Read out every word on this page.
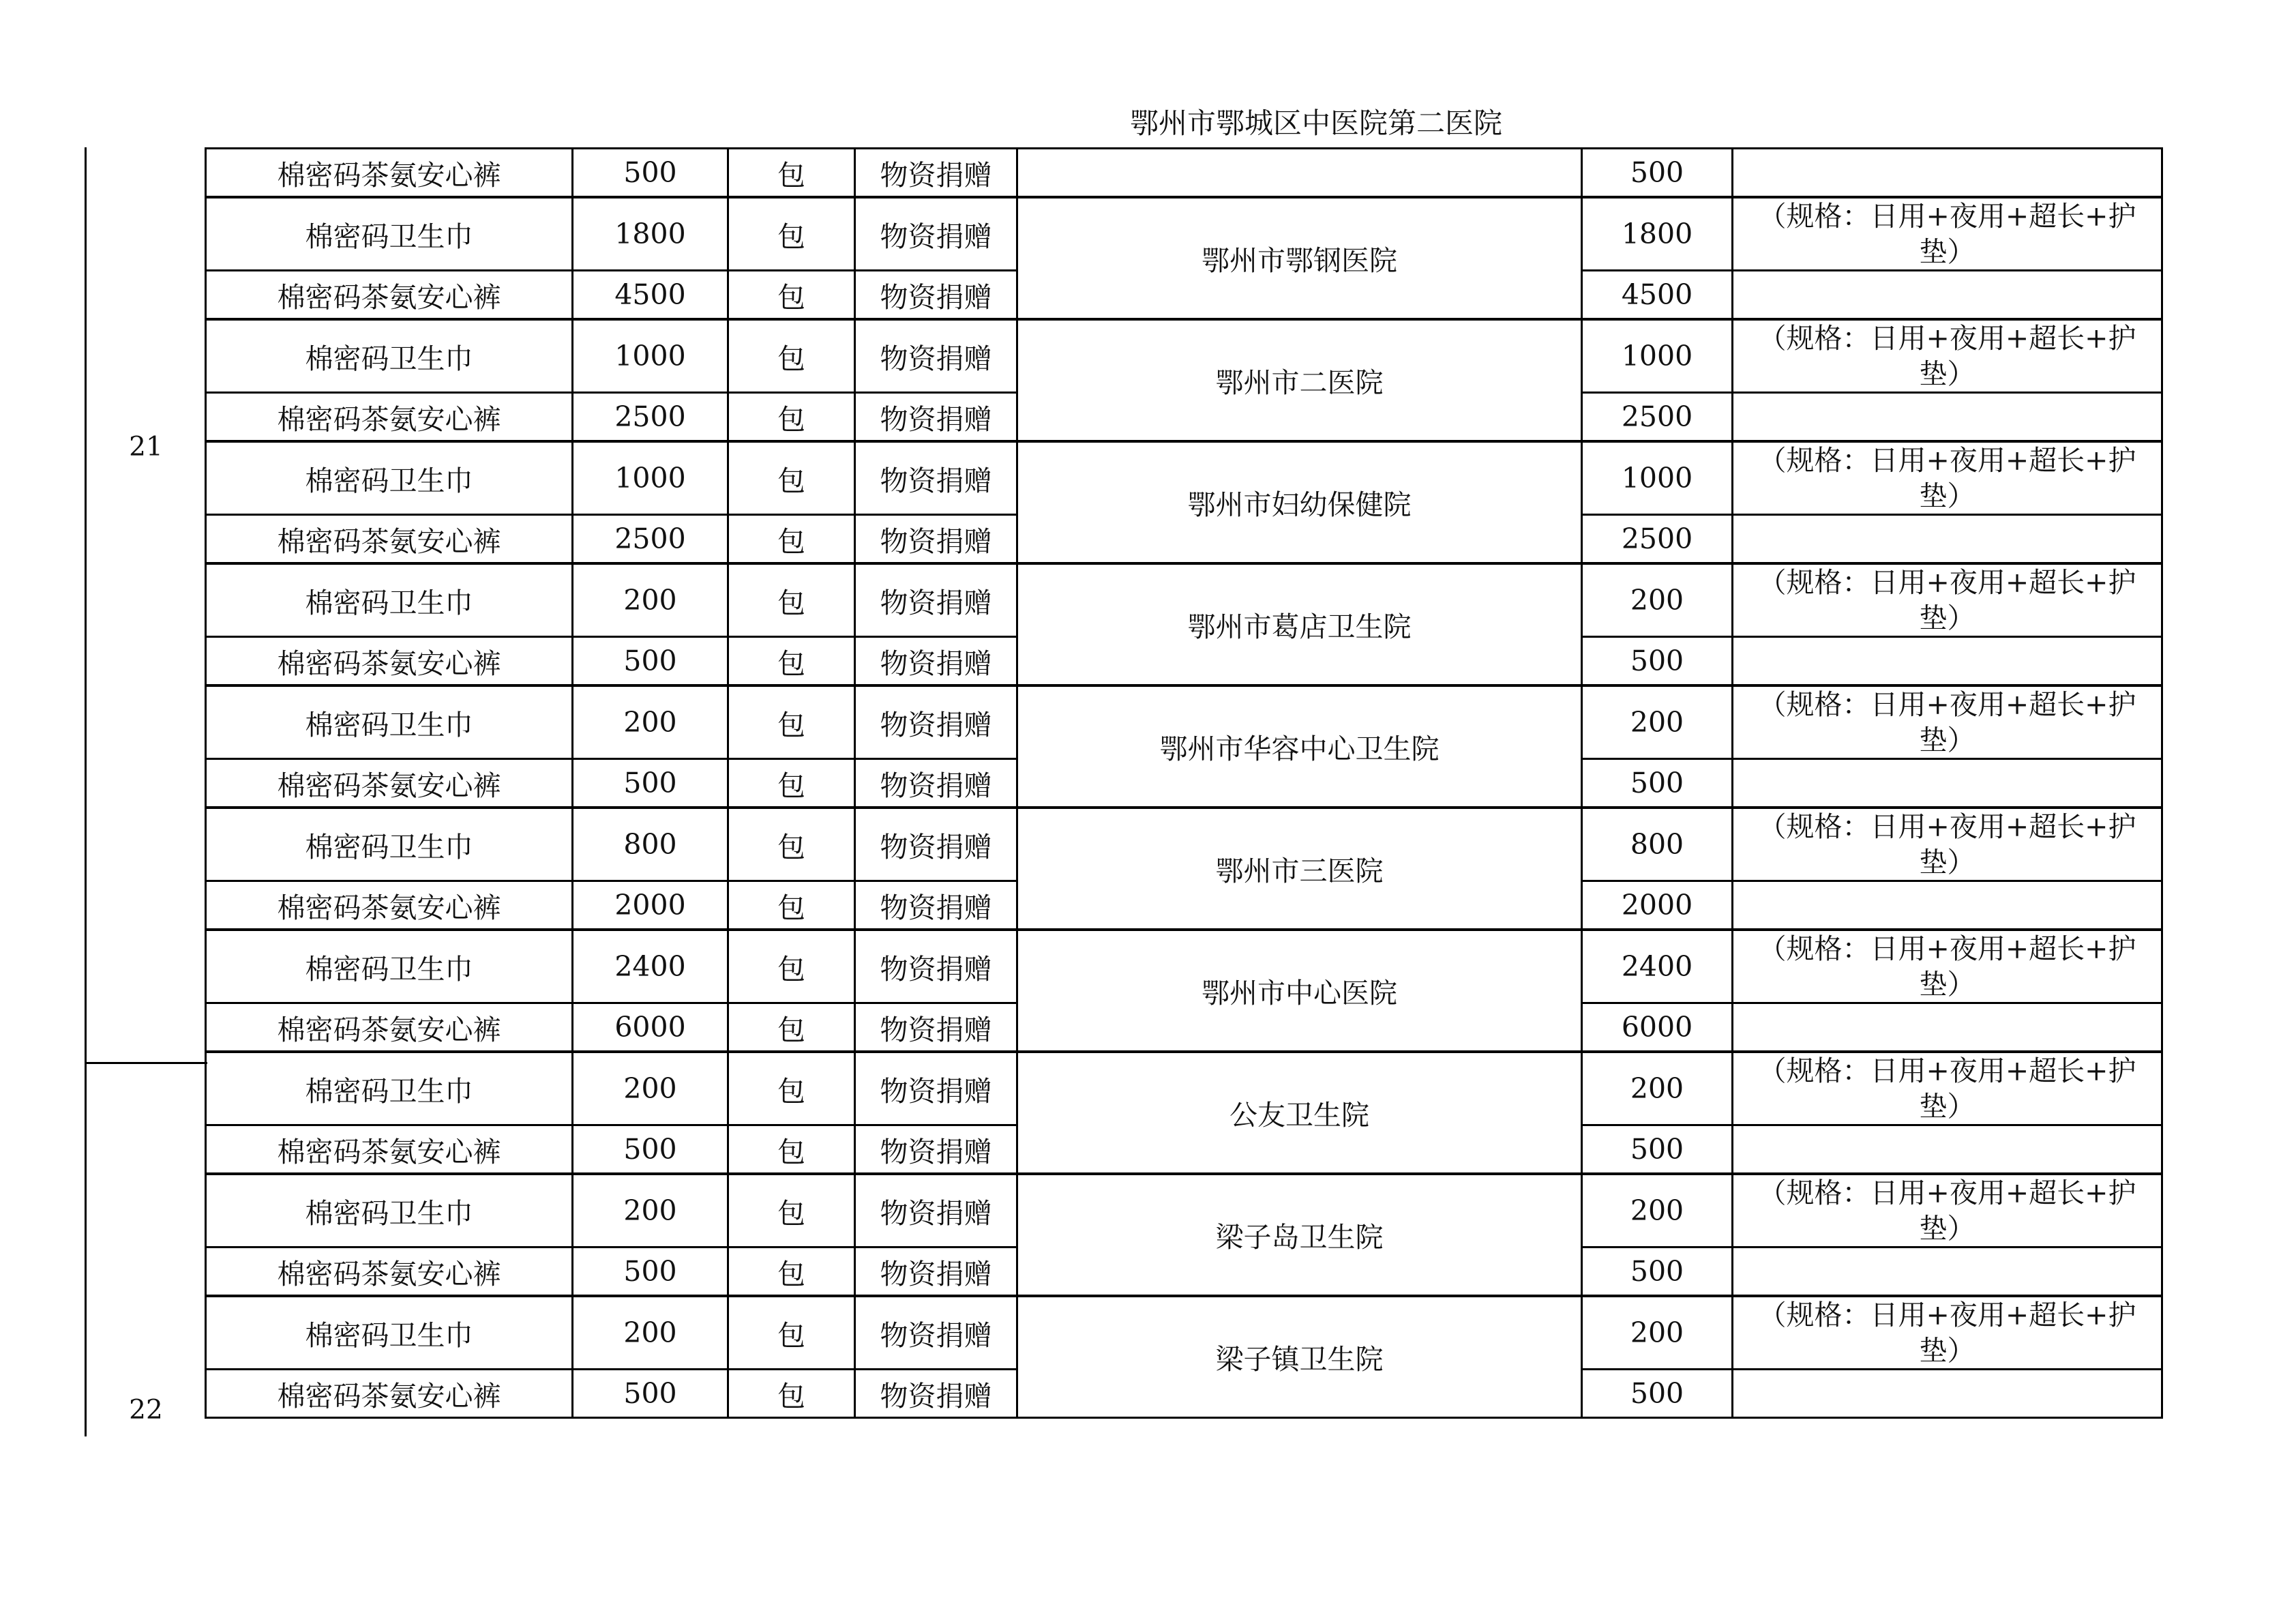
鄂州市鄂城区中医院第二医院
21
22
棉密码茶氨安心裤	500	包	物资捐赠		500	
棉密码卫生巾	1800	包	物资捐赠	鄂州市鄂钢医院	1800	（规格：日用+夜用+超长+护垫）
棉密码茶氨安心裤	4500	包	物资捐赠		4500	
棉密码卫生巾	1000	包	物资捐赠	鄂州市二医院	1000	（规格：日用+夜用+超长+护垫）
棉密码茶氨安心裤	2500	包	物资捐赠		2500	
棉密码卫生巾	1000	包	物资捐赠	鄂州市妇幼保健院	1000	（规格：日用+夜用+超长+护垫）
棉密码茶氨安心裤	2500	包	物资捐赠		2500	
棉密码卫生巾	200	包	物资捐赠	鄂州市葛店卫生院	200	（规格：日用+夜用+超长+护垫）
棉密码茶氨安心裤	500	包	物资捐赠		500	
棉密码卫生巾	200	包	物资捐赠	鄂州市华容中心卫生院	200	（规格：日用+夜用+超长+护垫）
棉密码茶氨安心裤	500	包	物资捐赠		500	
棉密码卫生巾	800	包	物资捐赠	鄂州市三医院	800	（规格：日用+夜用+超长+护垫）
棉密码茶氨安心裤	2000	包	物资捐赠		2000	
棉密码卫生巾	2400	包	物资捐赠	鄂州市中心医院	2400	（规格：日用+夜用+超长+护垫）
棉密码茶氨安心裤	6000	包	物资捐赠		6000	
棉密码卫生巾	200	包	物资捐赠	公友卫生院	200	（规格：日用+夜用+超长+护垫）
棉密码茶氨安心裤	500	包	物资捐赠		500	
棉密码卫生巾	200	包	物资捐赠	梁子岛卫生院	200	（规格：日用+夜用+超长+护垫）
棉密码茶氨安心裤	500	包	物资捐赠		500	
棉密码卫生巾	200	包	物资捐赠	梁子镇卫生院	200	（规格：日用+夜用+超长+护垫）
棉密码茶氨安心裤	500	包	物资捐赠		500	
